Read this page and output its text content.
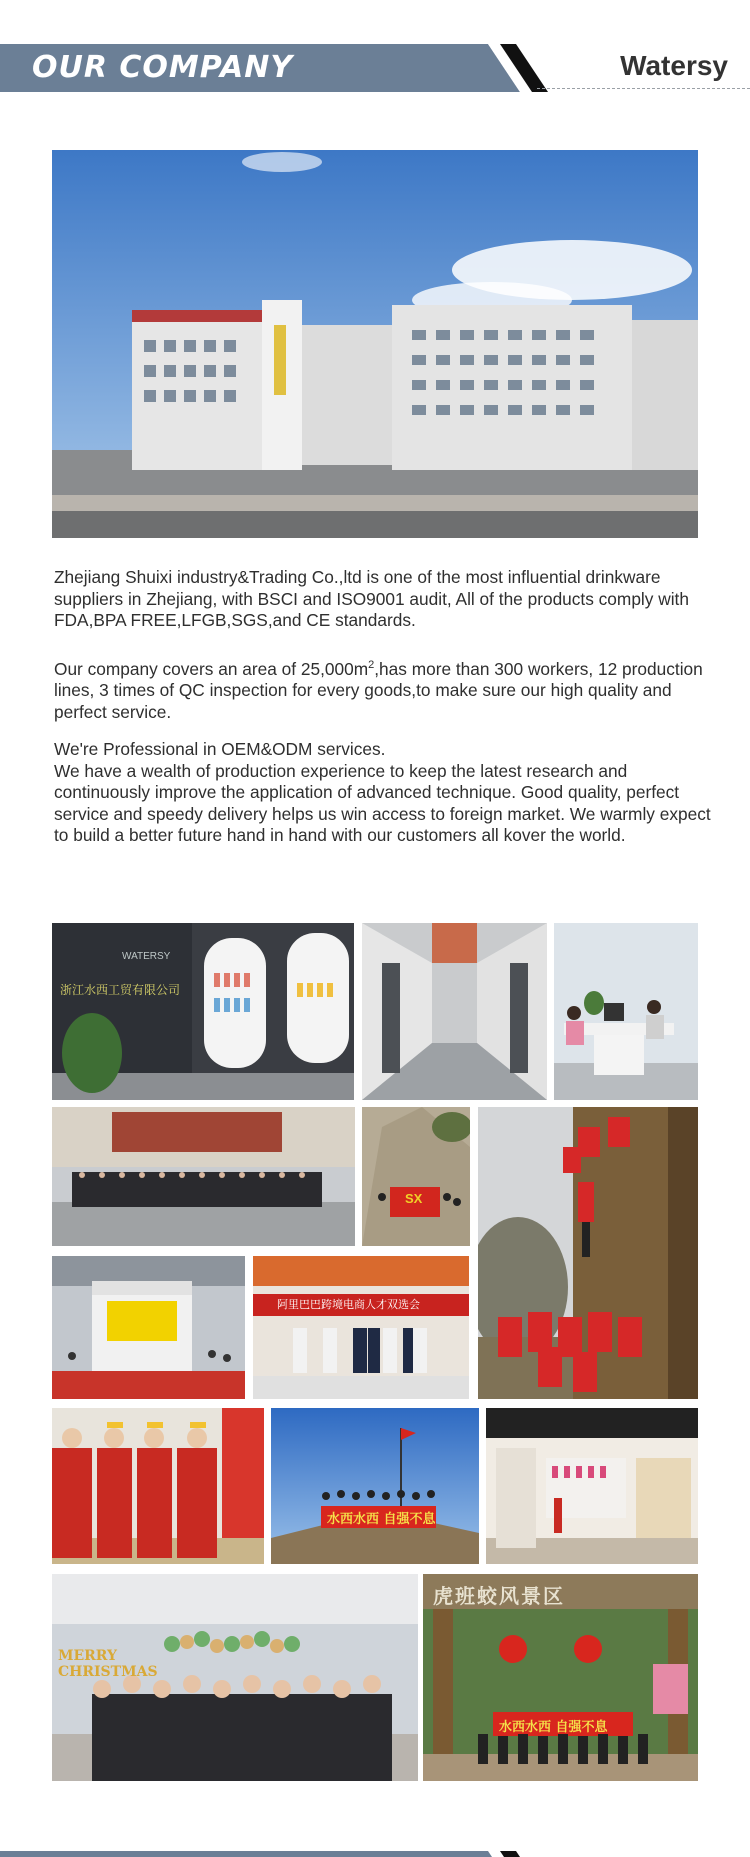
OUR COMPANY	Watersy

Zhejiang Shuixi industry&Trading Co.,ltd is one of the most influential drinkware suppliers in Zhejiang, with BSCI and ISO9001 audit, All of the products comply with FDA,BPA FREE,LFGB,SGS,and CE standards.

Our company covers an area of $25,000m^2,has$ more than 300 workers, 12 production lines, 3 times of QC inspection for every goods,to make sure our high quality and perfect service.

We're Professional in OEM&ODM services.

We have a wealth of production experience to keep the latest research and continuously improve the application of advanced technique. Good quality, perfect service and speedy delivery helps us win access to foreign market. We warmly expect to build a better future hand in hand with our customers all kover the world.

WATERSY
浙江水西工贸有限公司
SX
阿里巴巴跨境电商人才双选会
水西水西 自强不息
MERRY CHRISTMAS
虎班蛟风景区
水西水西 自强不息
